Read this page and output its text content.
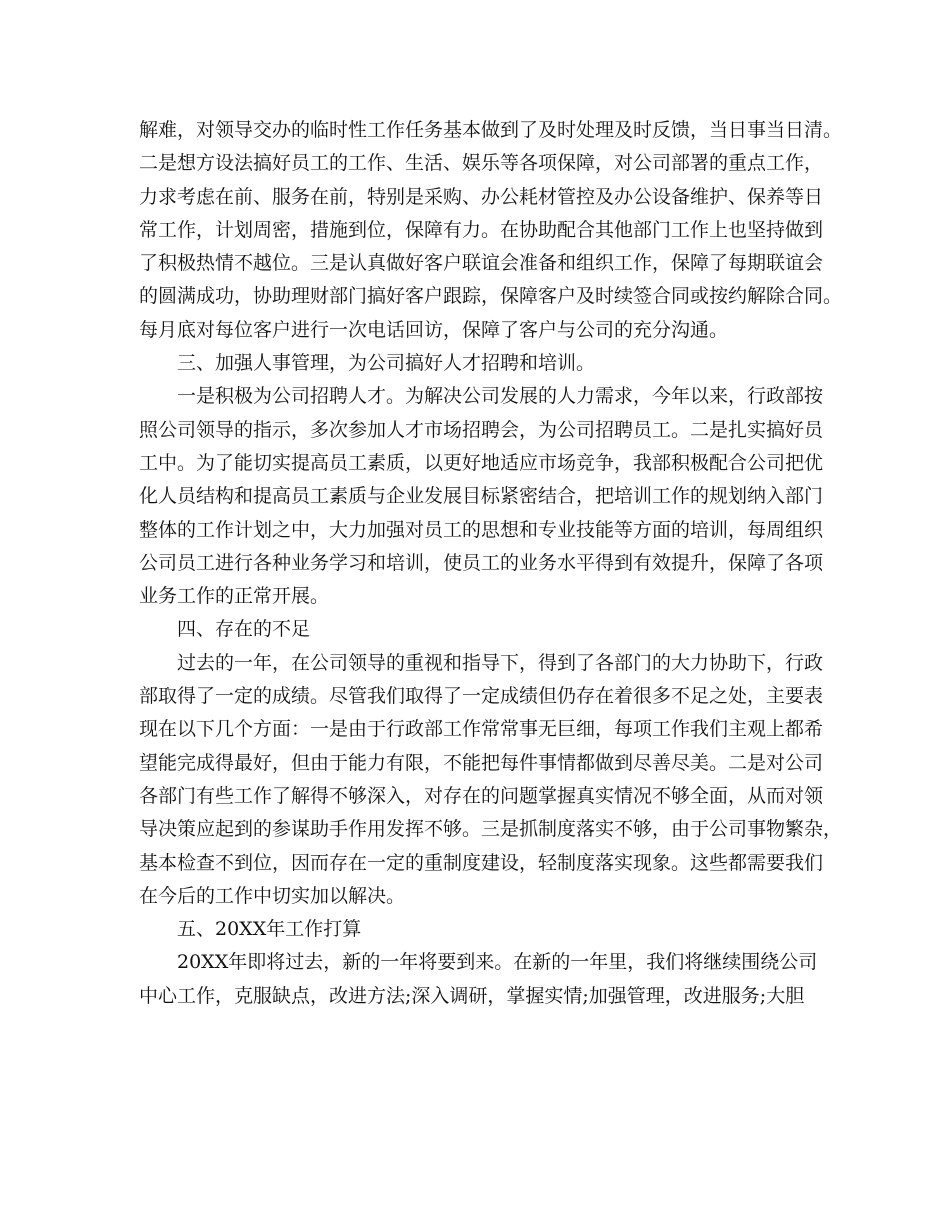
解难，对领导交办的临时性工作任务基本做到了及时处理及时反馈，当日事当日清。
二是想方设法搞好员工的工作、生活、娱乐等各项保障，对公司部署的重点工作，
力求考虑在前、服务在前，特别是采购、办公耗材管控及办公设备维护、保养等日
常工作，计划周密，措施到位，保障有力。在协助配合其他部门工作上也坚持做到
了积极热情不越位。三是认真做好客户联谊会准备和组织工作，保障了每期联谊会
的圆满成功，协助理财部门搞好客户跟踪，保障客户及时续签合同或按约解除合同。
每月底对每位客户进行一次电话回访，保障了客户与公司的充分沟通。
三、加强人事管理，为公司搞好人才招聘和培训。
一是积极为公司招聘人才。为解决公司发展的人力需求，今年以来，行政部按
照公司领导的指示，多次参加人才市场招聘会，为公司招聘员工。二是扎实搞好员
工中。为了能切实提高员工素质，以更好地适应市场竞争，我部积极配合公司把优
化人员结构和提高员工素质与企业发展目标紧密结合，把培训工作的规划纳入部门
整体的工作计划之中，大力加强对员工的思想和专业技能等方面的培训，每周组织
公司员工进行各种业务学习和培训，使员工的业务水平得到有效提升，保障了各项
业务工作的正常开展。
四、存在的不足
过去的一年，在公司领导的重视和指导下，得到了各部门的大力协助下，行政
部取得了一定的成绩。尽管我们取得了一定成绩但仍存在着很多不足之处，主要表
现在以下几个方面：一是由于行政部工作常常事无巨细，每项工作我们主观上都希
望能完成得最好，但由于能力有限，不能把每件事情都做到尽善尽美。二是对公司
各部门有些工作了解得不够深入，对存在的问题掌握真实情况不够全面，从而对领
导决策应起到的参谋助手作用发挥不够。三是抓制度落实不够，由于公司事物繁杂，
基本检查不到位，因而存在一定的重制度建设，轻制度落实现象。这些都需要我们
在今后的工作中切实加以解决。
五、20XX年工作打算
20XX年即将过去，新的一年将要到来。在新的一年里，我们将继续围绕公司
中心工作，克服缺点，改进方法;深入调研，掌握实情;加强管理，改进服务;大胆
